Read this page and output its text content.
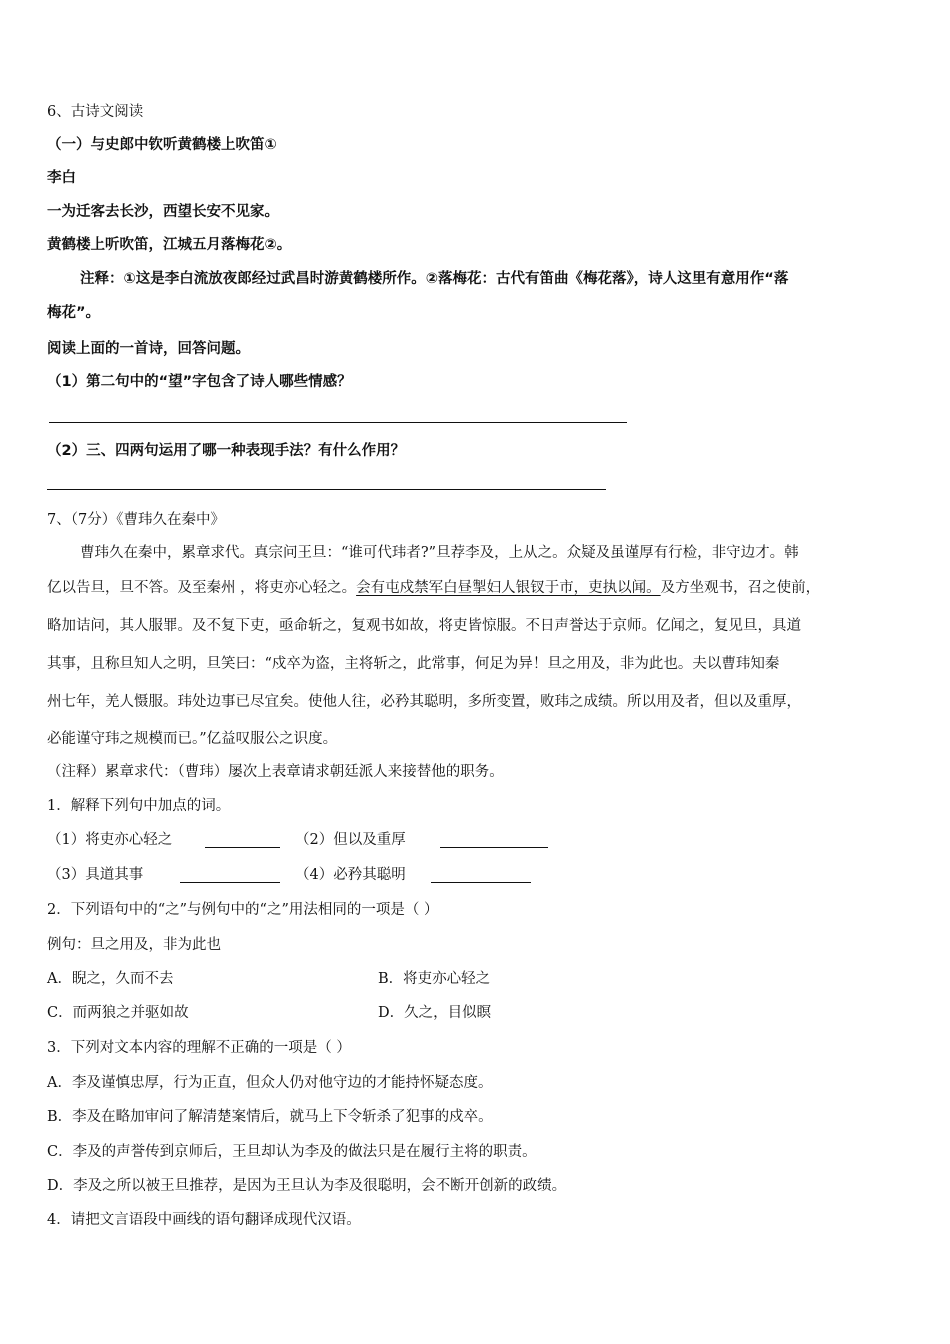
6、古诗文阅读
（一）与史郎中钦听黄鹤楼上吹笛①
李白
一为迁客去长沙，西望长安不见家。
黄鹤楼上听吹笛，江城五月落梅花②。
注释：①这是李白流放夜郎经过武昌时游黄鹤楼所作。②落梅花：古代有笛曲《梅花落》，诗人这里有意用作“落
梅花”。
阅读上面的一首诗，回答问题。
（1）第二句中的“望”字包含了诗人哪些情感？
（2）三、四两句运用了哪一种表现手法？有什么作用？
7、（7分）《曹玮久在秦中》
曹玮久在秦中，累章求代。真宗问王旦：“谁可代玮者?”旦荐李及，上从之。众疑及虽谨厚有行检，非守边才。韩
亿以告旦，旦不答。及至秦州 ，将吏亦心轻之。会有屯戍禁军白昼掣妇人银钗于市，吏执以闻。及方坐观书，召之使前，
略加诘问，其人服罪。及不复下吏，亟命斩之，复观书如故，将吏皆惊服。不日声誉达于京师。亿闻之，复见旦，具道
其事，且称旦知人之明，旦笑曰：“戍卒为盗，主将斩之，此常事，何足为异！旦之用及，非为此也。夫以曹玮知秦
州七年，羌人慑服。玮处边事已尽宜矣。使他人往，必矜其聪明，多所变置，败玮之成绩。所以用及者，但以及重厚，
必能谨守玮之规模而已。”亿益叹服公之识度。
（注释）累章求代：（曹玮）屡次上表章请求朝廷派人来接替他的职务。
1．解释下列句中加点的词。
（1）将吏亦心轻之	（2）但以及重厚
（3）具道其事	（4）必矜其聪明
2．下列语句中的“之”与例句中的“之”用法相同的一项是（ ）
例句：旦之用及，非为此也
A．睨之，久而不去	B．将吏亦心轻之
C．而两狼之并驱如故	D．久之，目似瞑
3．下列对文本内容的理解不正确的一项是（ ）
A．李及谨慎忠厚，行为正直，但众人仍对他守边的才能持怀疑态度。
B．李及在略加审问了解清楚案情后，就马上下令斩杀了犯事的戍卒。
C．李及的声誉传到京师后，王旦却认为李及的做法只是在履行主将的职责。
D．李及之所以被王旦推荐，是因为王旦认为李及很聪明，会不断开创新的政绩。
4．请把文言语段中画线的语句翻译成现代汉语。
